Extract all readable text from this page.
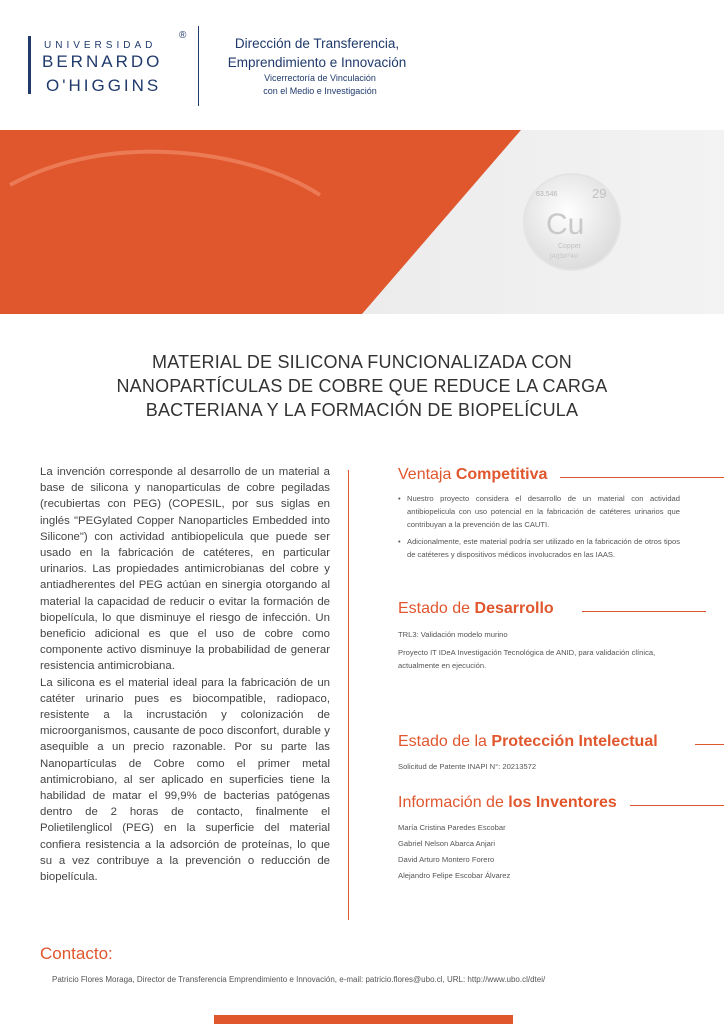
UNIVERSIDAD
BERNARDO
O'HIGGINS
®
Dirección de Transferencia,
Emprendimiento e Innovación
Vicerrectoría de Vinculación
con el Medio e Investigación
63.546	29
Cu
Copper
[Ar]3d¹⁰4s¹
MATERIAL DE SILICONA FUNCIONALIZADA CON
NANOPARTÍCULAS DE COBRE QUE REDUCE LA CARGA
BACTERIANA Y LA FORMACIÓN DE BIOPELÍCULA

La invención corresponde al desarrollo de un material a base de silicona y nanoparticulas de cobre pegiladas (recubiertas con PEG) (COPESIL, por sus siglas en inglés "PEGylated Copper Nanoparticles Embedded into Silicone") con actividad antibiopelicula que puede ser usado en la fabricación de catéteres, en particular urinarios. Las propiedades antimicrobianas del cobre y antiadherentes del PEG actúan en sinergia otorgando al material la capacidad de reducir o evitar la formación de biopelícula, lo que disminuye el riesgo de infección. Un beneficio adicional es que el uso de cobre como componente activo disminuye la probabilidad de generar resistencia antimicrobiana.

La silicona es el material ideal para la fabricación de un catéter urinario pues es biocompatible, radiopaco, resistente a la incrustación y colonización de microorganismos, causante de poco disconfort, durable y asequible a un precio razonable. Por su parte las Nanopartículas de Cobre como el primer metal antimicrobiano, al ser aplicado en superficies tiene la habilidad de matar el 99,9% de bacterias patógenas dentro de 2 horas de contacto, finalmente el Polietilenglicol (PEG) en la superficie del material confiera resistencia a la adsorción de proteínas, lo que su a vez contribuye a la prevención o reducción de biopelícula.

Ventaja Competitiva
• Nuestro proyecto considera el desarrollo de un material con actividad antibiopelicula con uso potencial en la fabricación de catéteres urinarios que contribuyan a la prevención de las CAUTI.
• Adicionalmente, este material podría ser utilizado en la fabricación de otros tipos de catéteres y dispositivos médicos involucrados en las IAAS.
Estado de Desarrollo
TRL3: Validación modelo murino
Proyecto IT IDeA Investigación Tecnológica de ANID, para validación clínica, actualmente en ejecución.
Estado de la Protección Intelectual
Solicitud de Patente INAPI N°: 20213572
Información de los Inventores
María Cristina Paredes Escobar
Gabriel Nelson Abarca Anjari
David Arturo Montero Forero
Alejandro Felipe Escobar Álvarez
Contacto:
Patricio Flores Moraga, Director de Transferencia Emprendimiento e Innovación, e-mail: patricio.flores@ubo.cl, URL: http://www.ubo.cl/dtei/
